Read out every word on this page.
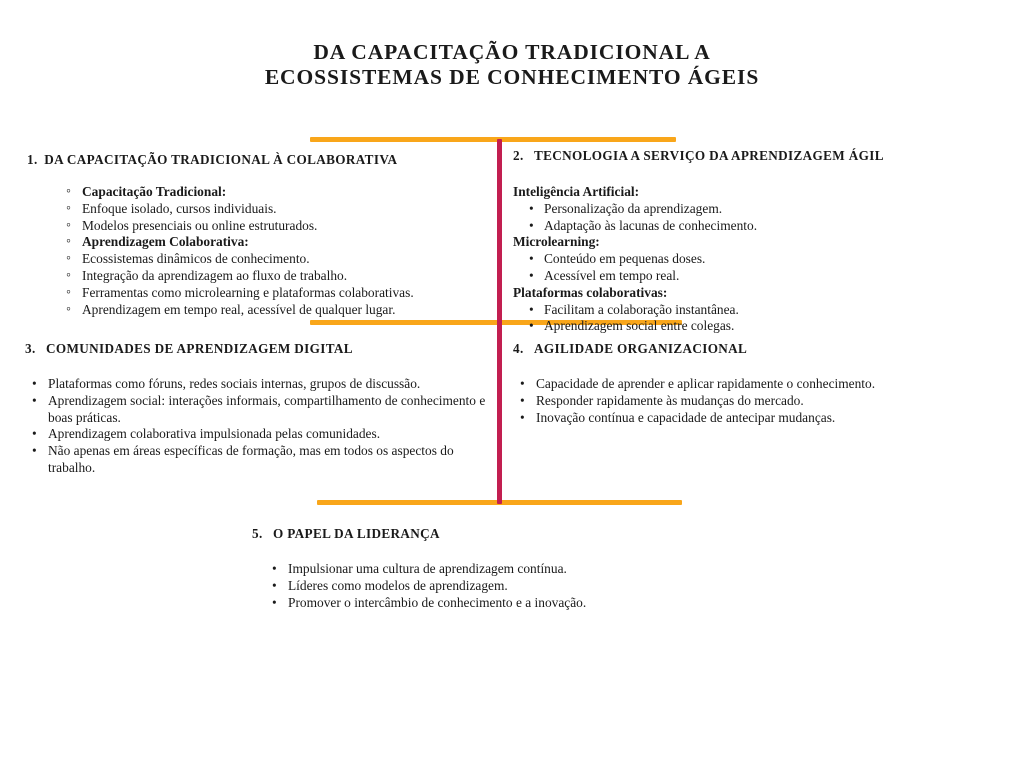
DA CAPACITAÇÃO TRADICIONAL A
ECOSSISTEMAS DE CONHECIMENTO ÁGEIS
1. DA CAPACITAÇÃO TRADICIONAL À COLABORATIVA
◦ Capacitação Tradicional:
◦ Enfoque isolado, cursos individuais.
◦ Modelos presenciais ou online estruturados.
◦ Aprendizagem Colaborativa:
◦ Ecossistemas dinâmicos de conhecimento.
◦ Integração da aprendizagem ao fluxo de trabalho.
◦ Ferramentas como microlearning e plataformas colaborativas.
◦ Aprendizagem em tempo real, acessível de qualquer lugar.
2. TECNOLOGIA A SERVIÇO DA APRENDIZAGEM ÁGIL
Inteligência Artificial:
• Personalização da aprendizagem.
• Adaptação às lacunas de conhecimento.
Microlearning:
• Conteúdo em pequenas doses.
• Acessível em tempo real.
Plataformas colaborativas:
• Facilitam a colaboração instantânea.
• Aprendizagem social entre colegas.
3. COMUNIDADES DE APRENDIZAGEM DIGITAL
• Plataformas como fóruns, redes sociais internas, grupos de discussão.
• Aprendizagem social: interações informais, compartilhamento de conhecimento e boas práticas.
• Aprendizagem colaborativa impulsionada pelas comunidades.
• Não apenas em áreas específicas de formação, mas em todos os aspectos do trabalho.
4. AGILIDADE ORGANIZACIONAL
• Capacidade de aprender e aplicar rapidamente o conhecimento.
• Responder rapidamente às mudanças do mercado.
• Inovação contínua e capacidade de antecipar mudanças.
5. O PAPEL DA LIDERANÇA
• Impulsionar uma cultura de aprendizagem contínua.
• Líderes como modelos de aprendizagem.
• Promover o intercâmbio de conhecimento e a inovação.
